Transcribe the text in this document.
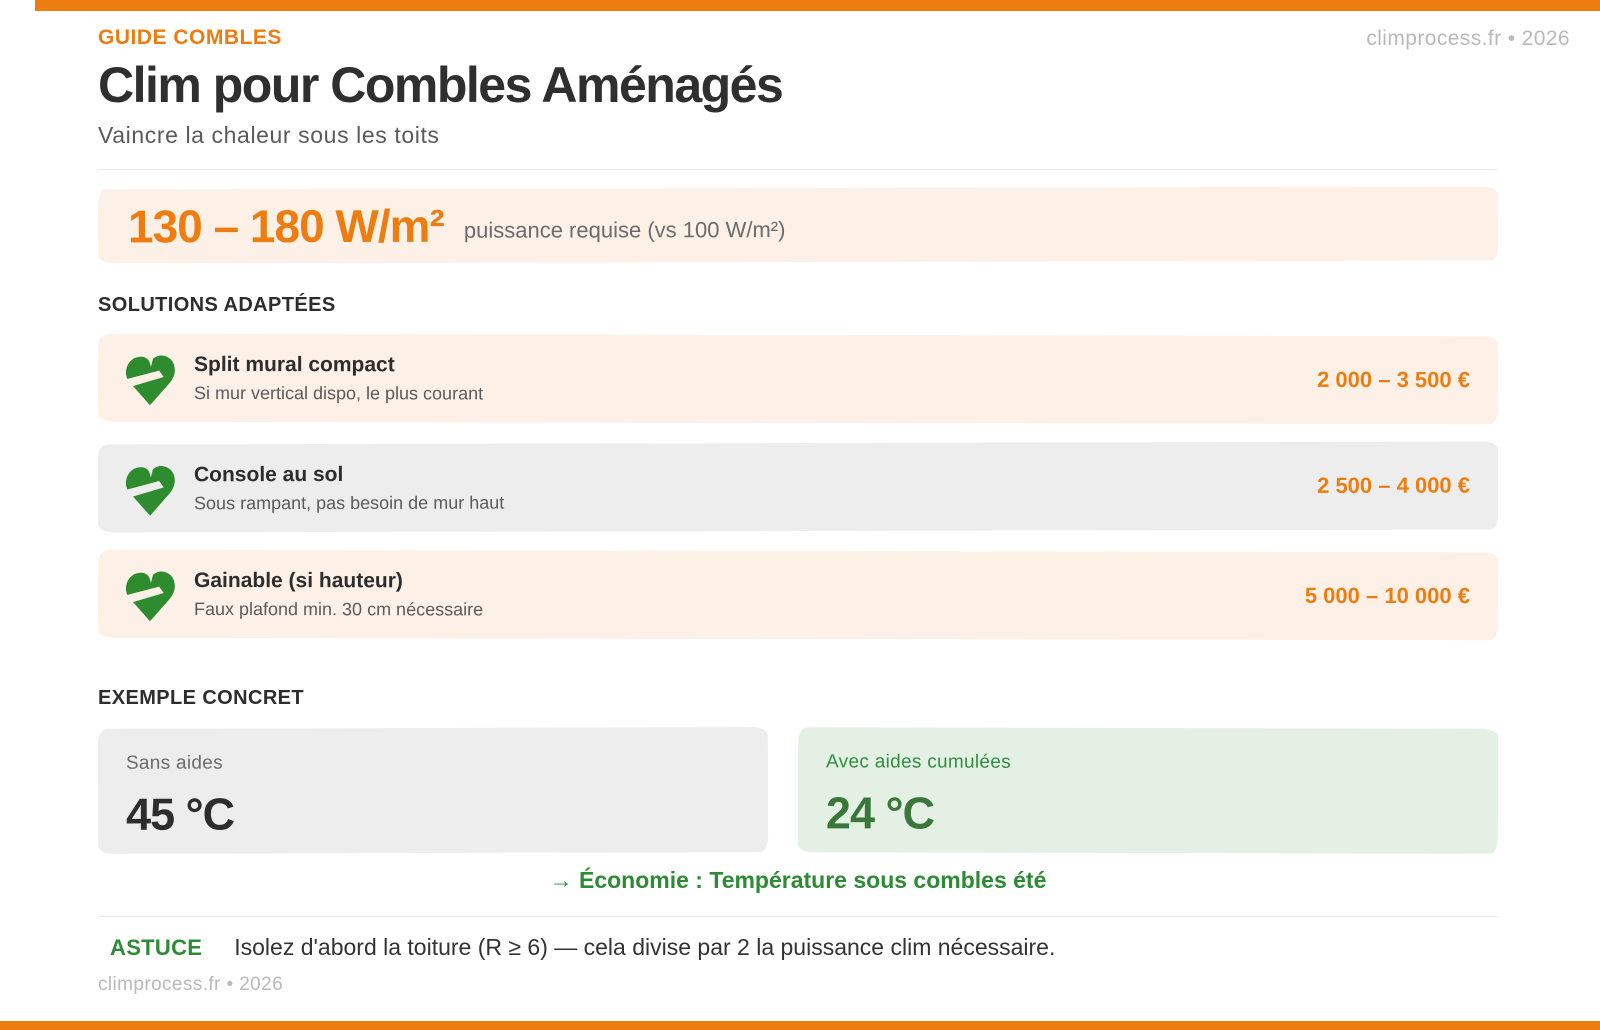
climprocess.fr • 2026
GUIDE COMBLES
Clim pour Combles Aménagés
Vaincre la chaleur sous les toits
130 – 180 W/m² puissance requise (vs 100 W/m²)
SOLUTIONS ADAPTÉES
Split mural compact
Si mur vertical dispo, le plus courant
2 000 – 3 500 €
Console au sol
Sous rampant, pas besoin de mur haut
2 500 – 4 000 €
Gainable (si hauteur)
Faux plafond min. 30 cm nécessaire
5 000 – 10 000 €
EXEMPLE CONCRET
Sans aides
45 °C
Avec aides cumulées
24 °C
→ Économie : Température sous combles été
ASTUCE Isolez d'abord la toiture (R ≥ 6) — cela divise par 2 la puissance clim nécessaire.
climprocess.fr • 2026
